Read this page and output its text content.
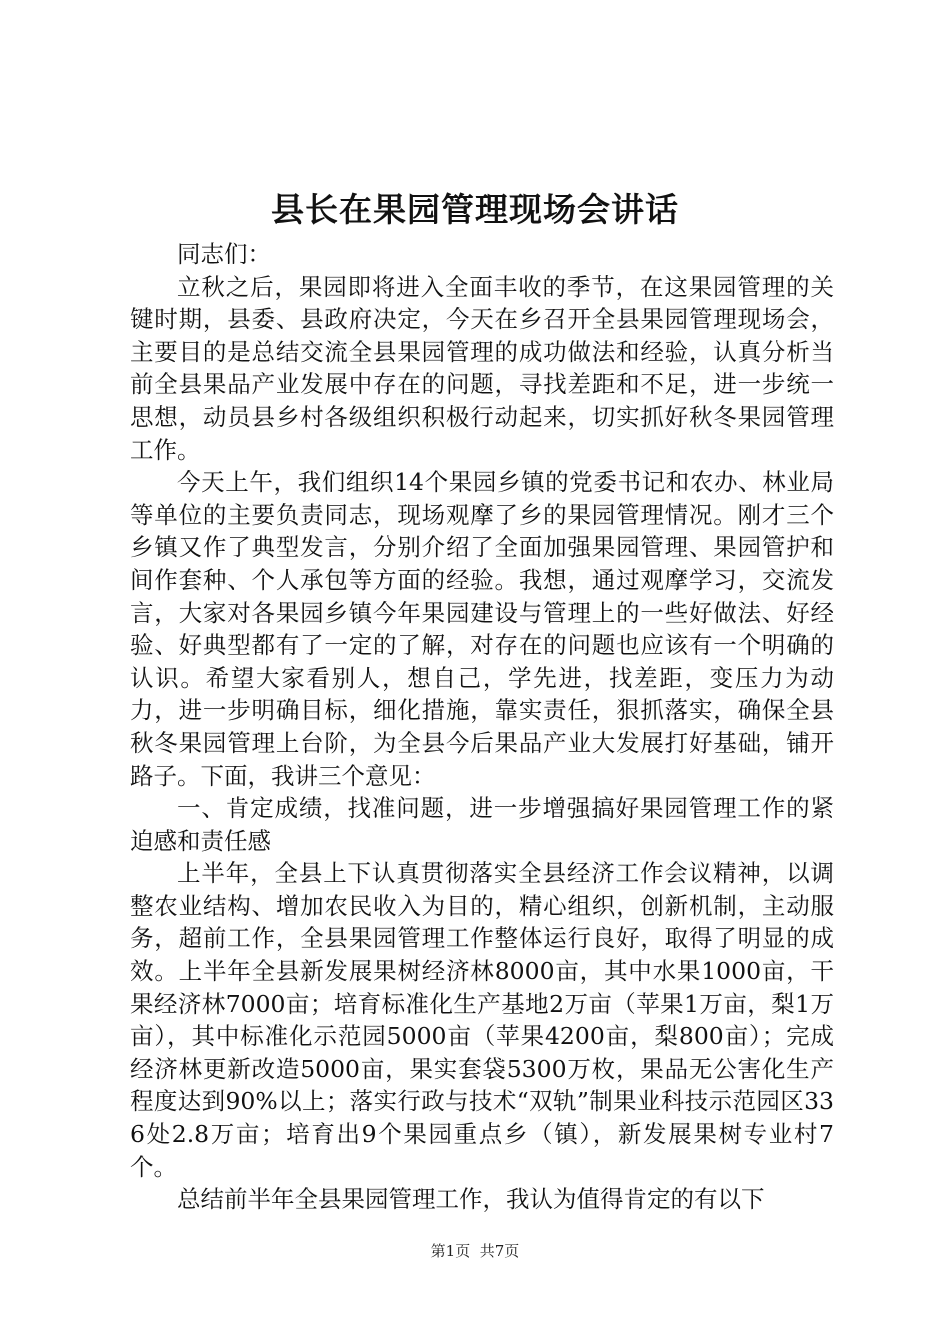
县长在果园管理现场会讲话

同志们：

立秋之后，果园即将进入全面丰收的季节，在这果园管理的关键时期，县委、县政府决定，今天在乡召开全县果园管理现场会，主要目的是总结交流全县果园管理的成功做法和经验，认真分析当前全县果品产业发展中存在的问题，寻找差距和不足，进一步统一思想，动员县乡村各级组织积极行动起来，切实抓好秋冬果园管理工作。

今天上午，我们组织14个果园乡镇的党委书记和农办、林业局等单位的主要负责同志，现场观摩了乡的果园管理情况。刚才三个乡镇又作了典型发言，分别介绍了全面加强果园管理、果园管护和间作套种、个人承包等方面的经验。我想，通过观摩学习，交流发言，大家对各果园乡镇今年果园建设与管理上的一些好做法、好经验、好典型都有了一定的了解，对存在的问题也应该有一个明确的认识。希望大家看别人，想自己，学先进，找差距，变压力为动力，进一步明确目标，细化措施，靠实责任，狠抓落实，确保全县秋冬果园管理上台阶，为全县今后果品产业大发展打好基础，铺开路子。下面，我讲三个意见：

一、肯定成绩，找准问题，进一步增强搞好果园管理工作的紧迫感和责任感

上半年，全县上下认真贯彻落实全县经济工作会议精神，以调整农业结构、增加农民收入为目的，精心组织，创新机制，主动服务，超前工作，全县果园管理工作整体运行良好，取得了明显的成效。上半年全县新发展果树经济林8000亩，其中水果1000亩，干果经济林7000亩；培育标准化生产基地2万亩（苹果1万亩，梨1万亩），其中标准化示范园5000亩（苹果4200亩，梨800亩）；完成经济林更新改造5000亩，果实套袋5300万枚，果品无公害化生产程度达到90%以上；落实行政与技术“双轨”制果业科技示范园区336处2.8万亩；培育出9个果园重点乡（镇），新发展果树专业村7个。

总结前半年全县果园管理工作，我认为值得肯定的有以下

第1页 共7页
